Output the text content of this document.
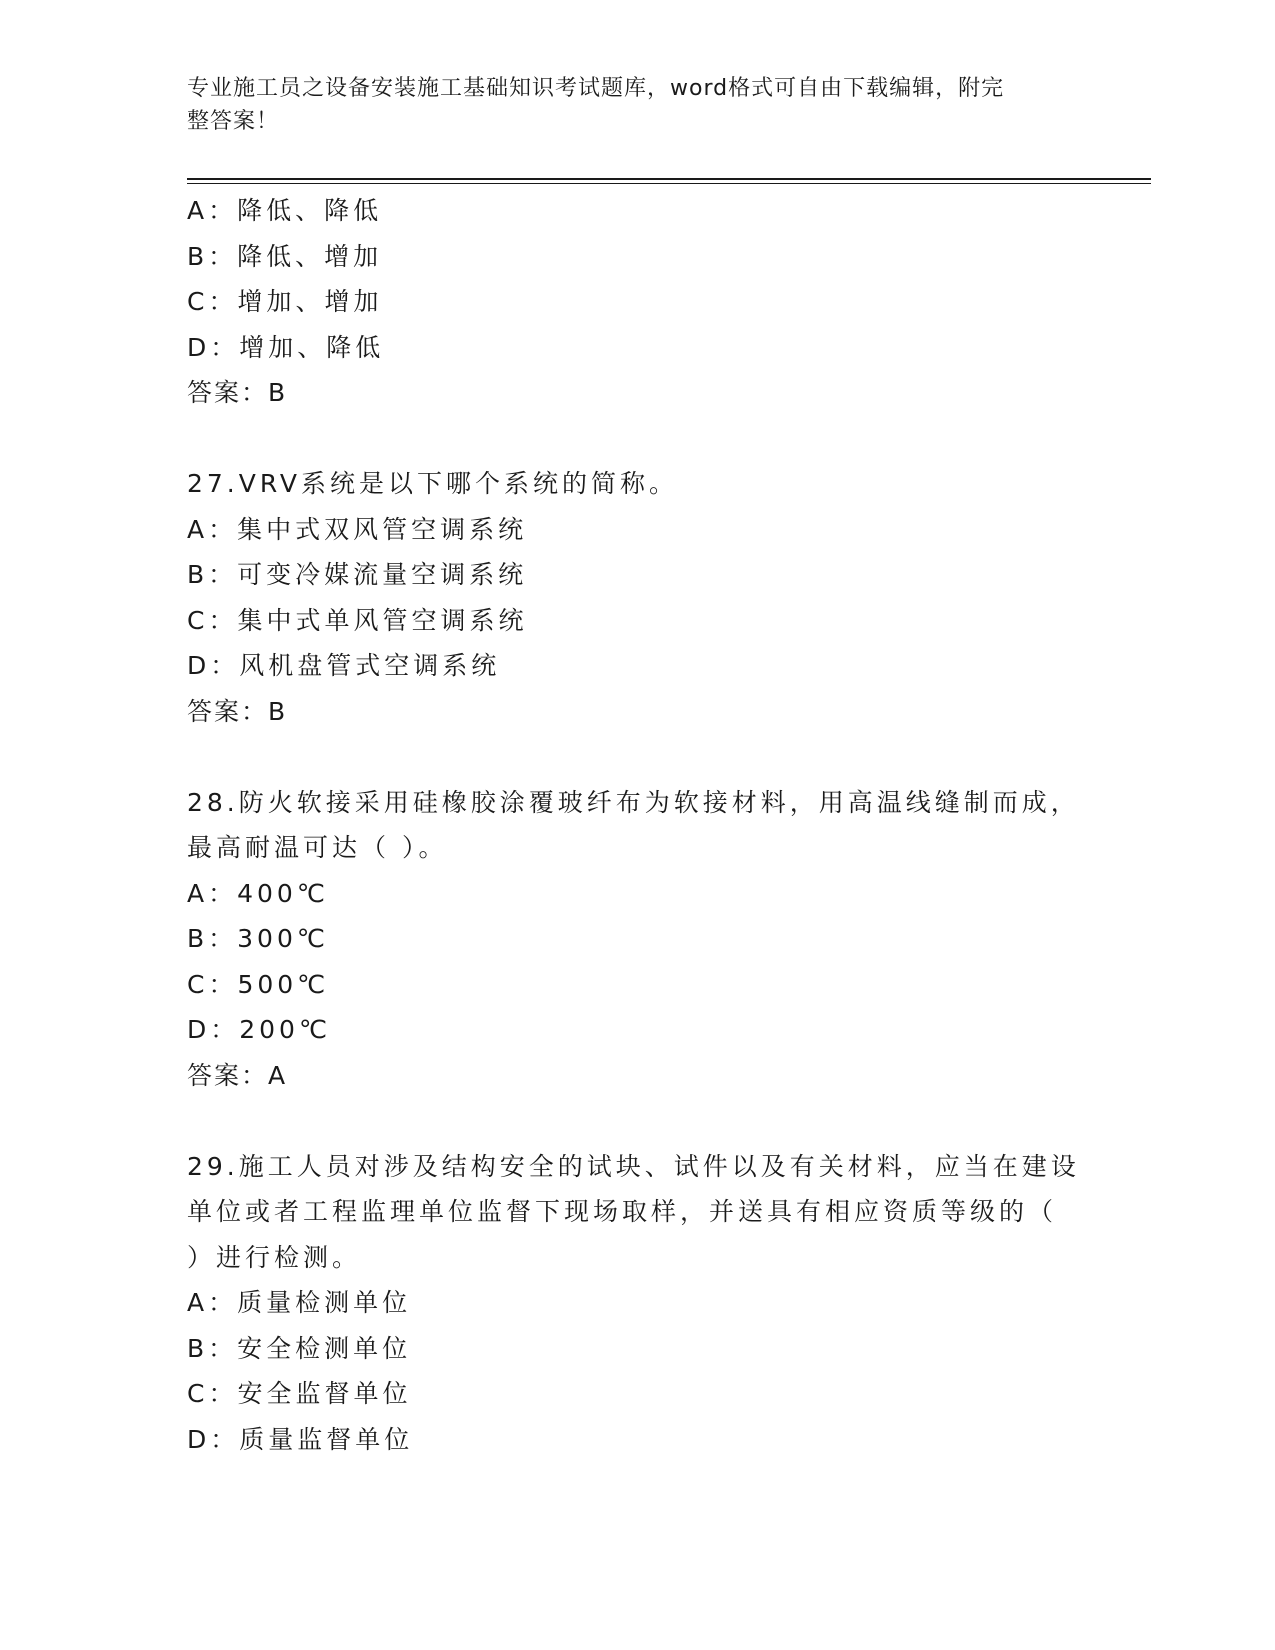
专业施工员之设备安装施工基础知识考试题库，word格式可自由下载编辑，附完
整答案！
A：降低、降低
B：降低、增加
C：增加、增加
D：增加、降低
答案：B
27.VRV系统是以下哪个系统的简称。
A：集中式双风管空调系统
B：可变冷媒流量空调系统
C：集中式单风管空调系统
D：风机盘管式空调系统
答案：B
28.防火软接采用硅橡胶涂覆玻纤布为软接材料，用高温线缝制而成，
最高耐温可达（ ）。
A：400℃
B：300℃
C：500℃
D：200℃
答案：A
29.施工人员对涉及结构安全的试块、试件以及有关材料，应当在建设
单位或者工程监理单位监督下现场取样，并送具有相应资质等级的（
）进行检测。
A：质量检测单位
B：安全检测单位
C：安全监督单位
D：质量监督单位
